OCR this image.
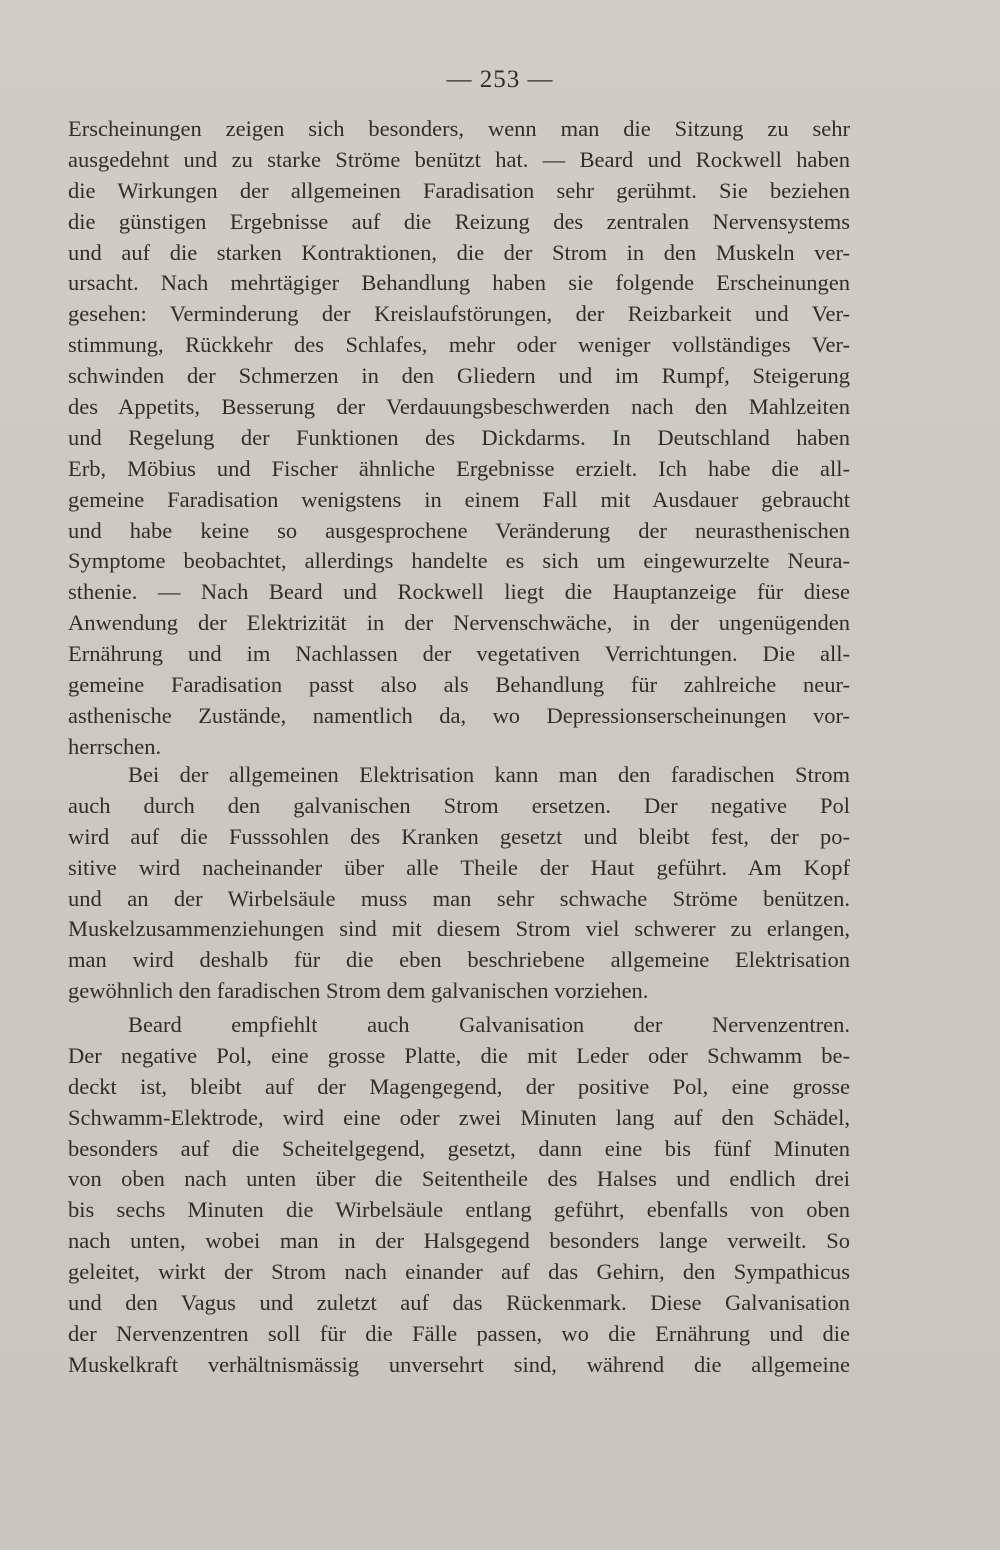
— 253 —
Erscheinungen zeigen sich besonders, wenn man die Sitzung zu sehr
ausgedehnt und zu starke Ströme benützt hat. — Beard und Rockwell haben
die Wirkungen der allgemeinen Faradisation sehr gerühmt. Sie beziehen
die günstigen Ergebnisse auf die Reizung des zentralen Nervensystems
und auf die starken Kontraktionen, die der Strom in den Muskeln ver-
ursacht. Nach mehrtägiger Behandlung haben sie folgende Erscheinungen
gesehen: Verminderung der Kreislaufstörungen, der Reizbarkeit und Ver-
stimmung, Rückkehr des Schlafes, mehr oder weniger vollständiges Ver-
schwinden der Schmerzen in den Gliedern und im Rumpf, Steigerung
des Appetits, Besserung der Verdauungsbeschwerden nach den Mahlzeiten
und Regelung der Funktionen des Dickdarms. In Deutschland haben
Erb, Möbius und Fischer ähnliche Ergebnisse erzielt. Ich habe die all-
gemeine Faradisation wenigstens in einem Fall mit Ausdauer gebraucht
und habe keine so ausgesprochene Veränderung der neurasthenischen
Symptome beobachtet, allerdings handelte es sich um eingewurzelte Neura-
sthenie. — Nach Beard und Rockwell liegt die Hauptanzeige für diese
Anwendung der Elektrizität in der Nervenschwäche, in der ungenügenden
Ernährung und im Nachlassen der vegetativen Verrichtungen. Die all-
gemeine Faradisation passt also als Behandlung für zahlreiche neur-
asthenische Zustände, namentlich da, wo Depressionserscheinungen vor-
herrschen.
Bei der allgemeinen Elektrisation kann man den faradischen Strom
auch durch den galvanischen Strom ersetzen. Der negative Pol
wird auf die Fusssohlen des Kranken gesetzt und bleibt fest, der po-
sitive wird nacheinander über alle Theile der Haut geführt. Am Kopf
und an der Wirbelsäule muss man sehr schwache Ströme benützen.
Muskelzusammenziehungen sind mit diesem Strom viel schwerer zu erlangen,
man wird deshalb für die eben beschriebene allgemeine Elektrisation
gewöhnlich den faradischen Strom dem galvanischen vorziehen.
Beard empfiehlt auch Galvanisation der Nervenzentren.
Der negative Pol, eine grosse Platte, die mit Leder oder Schwamm be-
deckt ist, bleibt auf der Magengegend, der positive Pol, eine grosse
Schwamm-Elektrode, wird eine oder zwei Minuten lang auf den Schädel,
besonders auf die Scheitelgegend, gesetzt, dann eine bis fünf Minuten
von oben nach unten über die Seitentheile des Halses und endlich drei
bis sechs Minuten die Wirbelsäule entlang geführt, ebenfalls von oben
nach unten, wobei man in der Halsgegend besonders lange verweilt. So
geleitet, wirkt der Strom nach einander auf das Gehirn, den Sympathicus
und den Vagus und zuletzt auf das Rückenmark. Diese Galvanisation
der Nervenzentren soll für die Fälle passen, wo die Ernährung und die
Muskelkraft verhältnismässig unversehrt sind, während die allgemeine
